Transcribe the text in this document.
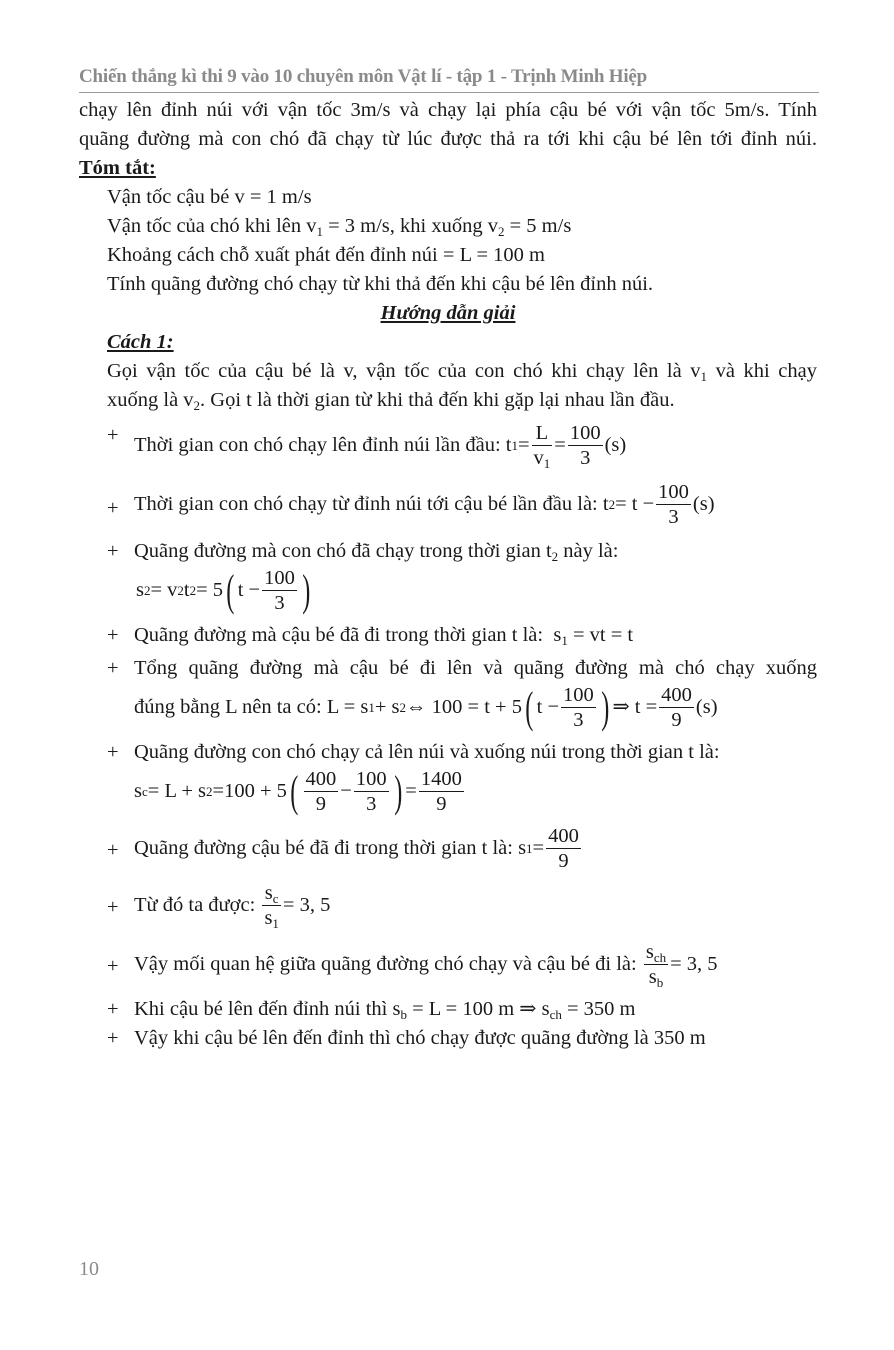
Chiến thắng kì thi 9 vào 10 chuyên môn Vật lí - tập 1 - Trịnh Minh Hiệp

chạy lên đỉnh núi với vận tốc 3m/s và chạy lại phía cậu bé với vận tốc 5m/s. Tính

quãng đường mà con chó đã chạy từ lúc được thả ra tới khi cậu bé lên tới đỉnh núi.

Tóm tắt:

Vận tốc cậu bé v = 1 m/s

Vận tốc của chó khi lên $v_1 = 3$ m/s, khi xuống $v_2 = 5$ m/s

Khoảng cách chỗ xuất phát đến đỉnh núi = L = 100 m

Tính quãng đường chó chạy từ khi thả đến khi cậu bé lên đỉnh núi.

Hướng dẫn giải

Cách 1:

Gọi vận tốc của cậu bé là v, vận tốc của con chó khi chạy lên là $v_1$ và khi chạy

xuống là $v_2$. Gọi t là thời gian từ khi thả đến khi gặp lại nhau lần đầu.

+ Thời gian con chó chạy lên đỉnh núi lần đầu:
t $1 = \frac{L}{v_1} = \frac{100}{3} (s)$
+ Thời gian con chó chạy từ đỉnh núi tới cậu bé lần đầu là:
t $2 = t - \frac{100}{3} (s)$
+ Quãng đường mà con chó đã chạy trong thời gian $t_2$ này là:

s 2 = v 2 t 2 = 5 ( $t - \frac{100}{3}$ )
+ Quãng đường mà cậu bé đã đi trong thời gian t là: $s_1$ = vt = t

+ Tổng quãng đường mà cậu bé đi lên và quãng đường mà chó chạy xuống

đúng bằng L nên ta có:
L = s 1 + s 2 ⇔ 100 = t + 5 ( $t - \frac{100}{3}$ ) ⇒ $t = \frac{400}{9} (s)$
+ Quãng đường con chó chạy cả lên núi và xuống núi trong thời gian t là:

s c = L + s 2 =100 + 5 ( 400
9
− $\frac{100}{3}$ ) = $\frac{1400}{9}$
+ Quãng đường cậu bé đã đi trong thời gian t là:
s $1 = \frac{400}{9}$
+ Từ đó ta được:
$\frac{s_c}{s_1} = 3$, 5
+ Vậy mối quan hệ giữa quãng đường chó chạy và cậu bé đi là:

$s_{ch}$
$s_b$
= 3, 5
+ Khi cậu bé lên đến đỉnh núi thì $s_b = L = 100$ m ⇒ $s_{ch} = 350$ m

+ Vậy khi cậu bé lên đến đỉnh thì chó chạy được quãng đường là 350 m

10
